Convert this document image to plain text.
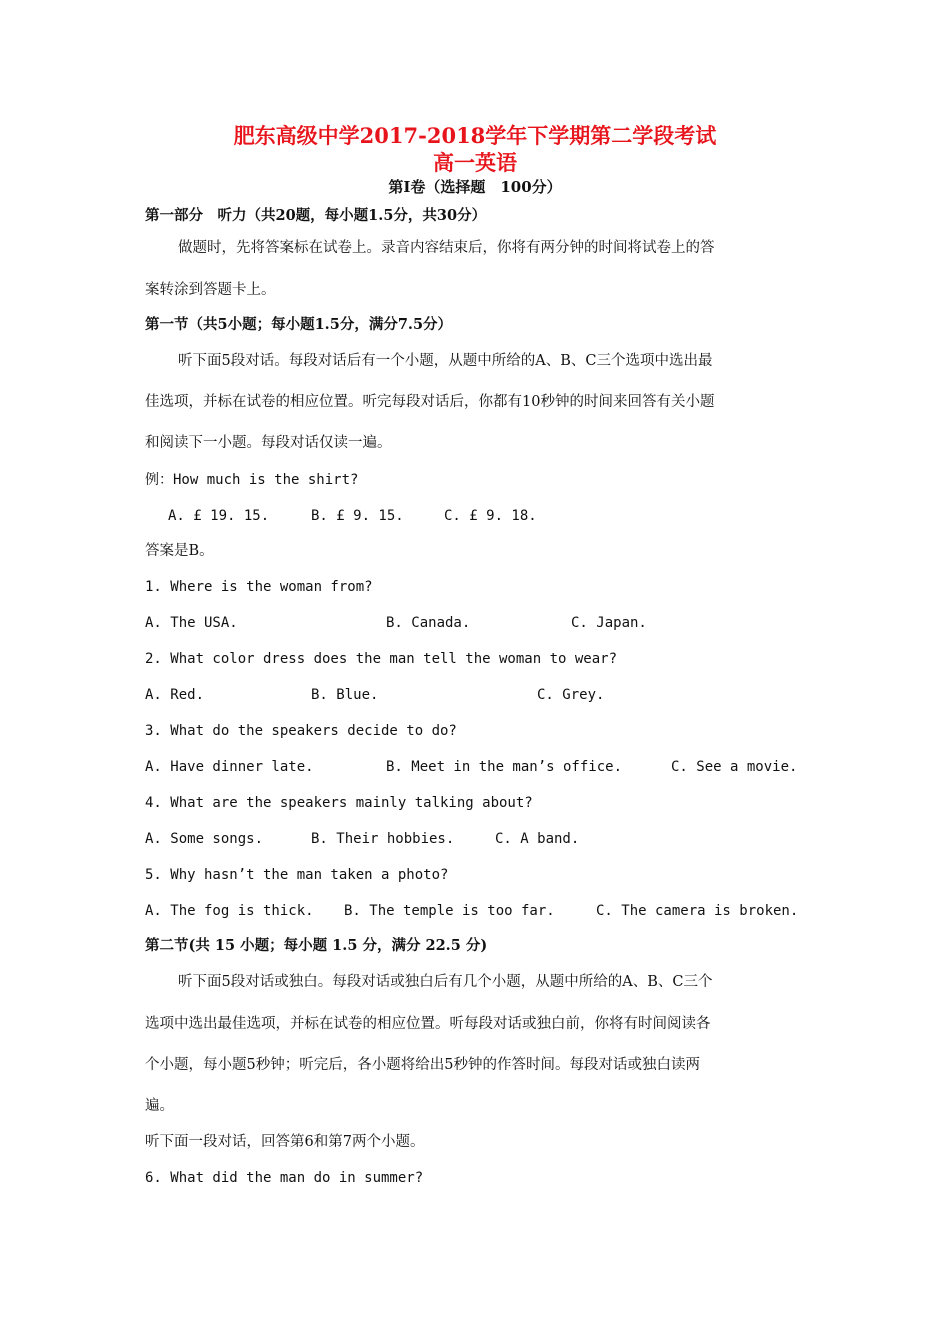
肥东高级中学2017-2018学年下学期第二学段考试
高一英语
第Ⅰ卷（选择题　100分）
第一部分　听力（共20题，每小题1.5分，共30分）
做题时，先将答案标在试卷上。录音内容结束后，你将有两分钟的时间将试卷上的答
案转涂到答题卡上。
第一节（共5小题；每小题1.5分，满分7.5分）
听下面5段对话。每段对话后有一个小题，从题中所给的A、B、C三个选项中选出最
佳选项，并标在试卷的相应位置。听完每段对话后，你都有10秒钟的时间来回答有关小题
和阅读下一小题。每段对话仅读一遍。
例：How much is the shirt?
A. £ 19. 15.	B. £ 9. 15.	C. £ 9. 18.
答案是B。
1. Where is the woman from?
A. The USA.	B. Canada.	C. Japan.
2. What color dress does the man tell the woman to wear?
A. Red.	B. Blue.	C. Grey.
3. What do the speakers decide to do?
A. Have dinner late.	B. Meet in the man’s office.	C. See a movie.
4. What are the speakers mainly talking about?
A. Some songs.	B. Their hobbies.	C. A band.
5. Why hasn’t the man taken a photo?
A. The fog is thick. B. The temple is too far.	C. The camera is broken.
第二节(共 15 小题；每小题 1.5 分，满分 22.5 分)
听下面5段对话或独白。每段对话或独白后有几个小题，从题中所给的A、B、C三个
选项中选出最佳选项，并标在试卷的相应位置。听每段对话或独白前，你将有时间阅读各
个小题，每小题5秒钟；听完后，各小题将给出5秒钟的作答时间。每段对话或独白读两
遍。
听下面一段对话，回答第6和第7两个小题。
6. What did the man do in summer?
